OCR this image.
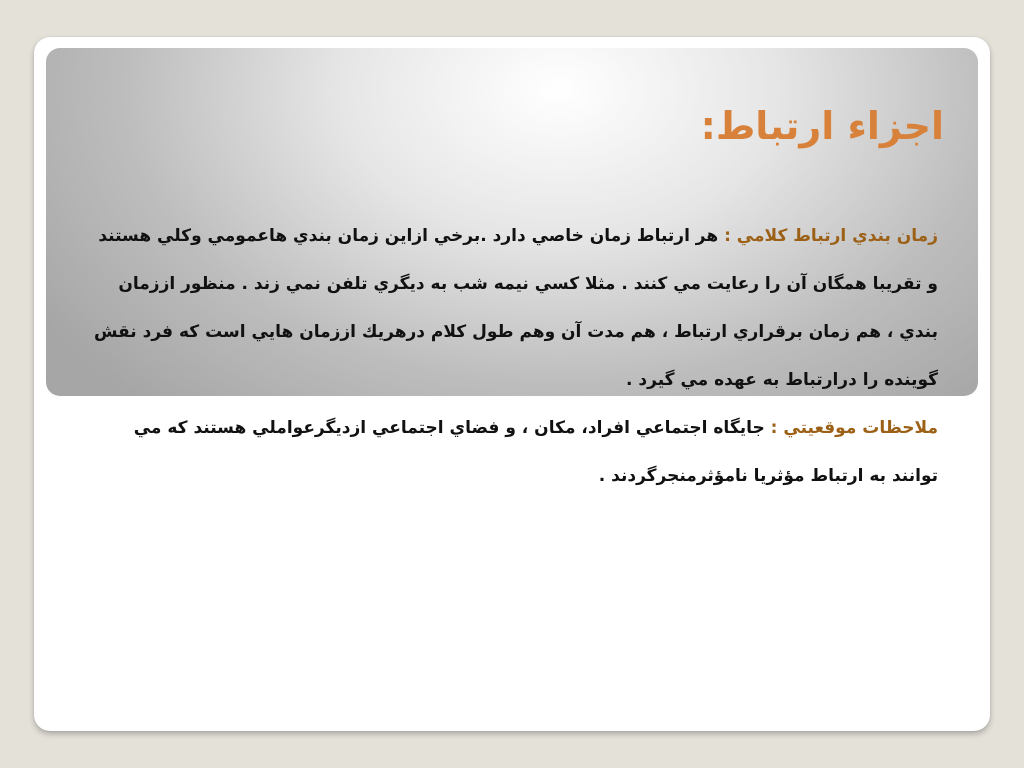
اجزاء ارتباط:

زمان بندي ارتباط كلامي : هر ارتباط زمان خاصي دارد .برخي ازاين زمان بندي هاعمومي وكلي هستند و تقريبا همگان آن را رعايت مي كنند . مثلا كسي نيمه شب به ديگري تلفن نمي زند . منظور اززمان بندي ، هم زمان برقراري ارتباط ، هم مدت آن وهم طول كلام درهريك اززمان هايي است كه فرد نقش گوينده را درارتباط به عهده مي گيرد .

ملاحظات موقعيتي : جايگاه اجتماعي افراد، مكان ، و فضاي اجتماعي ازديگرعواملي هستند كه مي توانند به ارتباط مؤثريا نامؤثرمنجرگردند .
